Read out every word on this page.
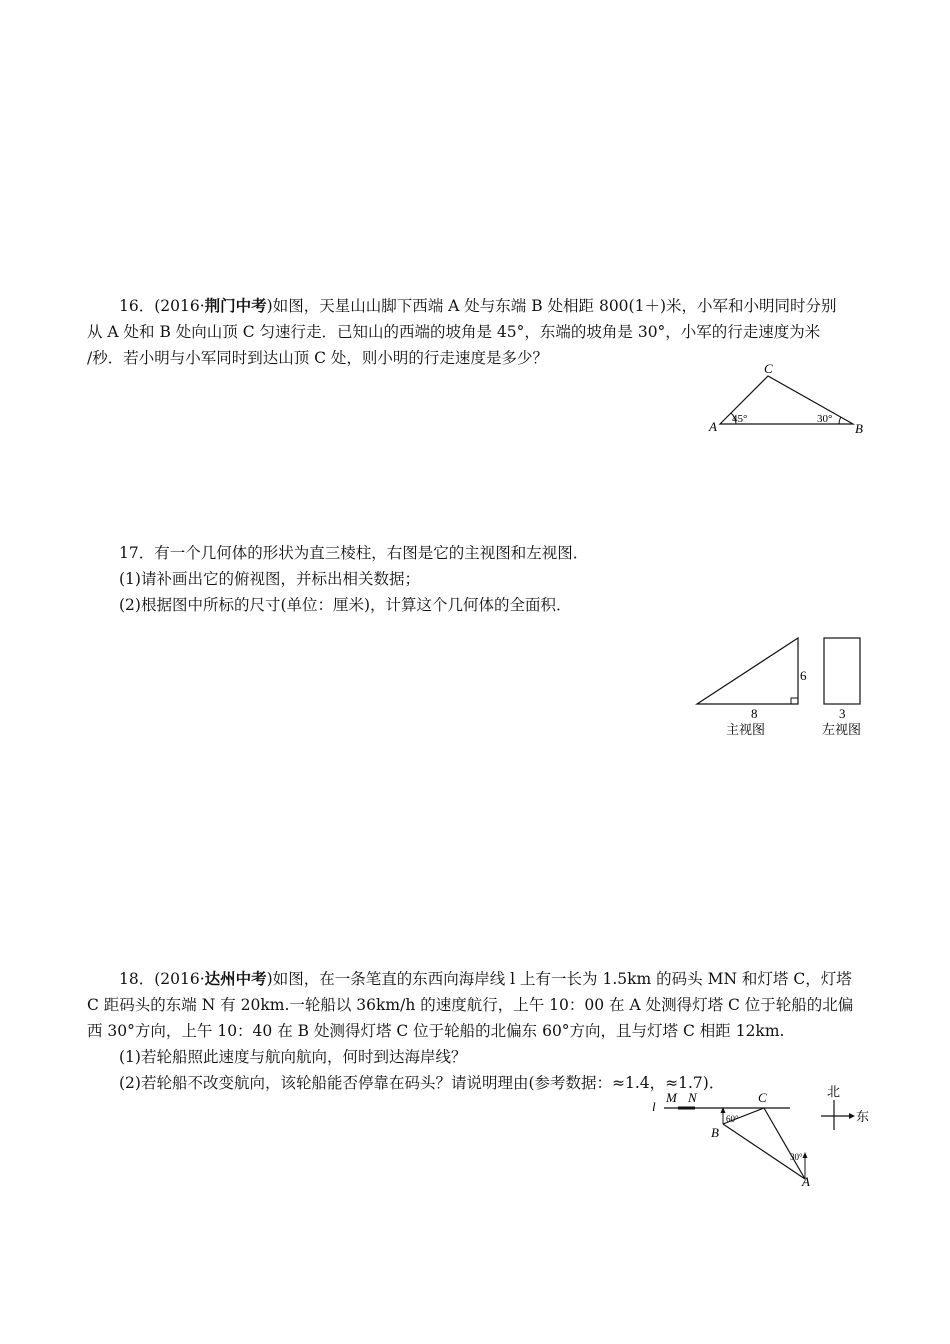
16．(2016·荆门中考)如图，天星山山脚下西端 A 处与东端 B 处相距 800(1＋)米，小军和小明同时分别

从 A 处和 B 处向山顶 C 匀速行走．已知山的西端的坡角是 45°，东端的坡角是 30°，小军的行走速度为米

/秒．若小明与小军同时到达山顶 C 处，则小明的行走速度是多少？

C
A	B
45°	30°

17．有一个几何体的形状为直三棱柱，右图是它的主视图和左视图．

(1)请补画出它的俯视图，并标出相关数据；

(2)根据图中所标的尺寸(单位：厘米)，计算这个几何体的全面积．

6
8	3
主视图	左视图

18．(2016·达州中考)如图，在一条笔直的东西向海岸线 l 上有一长为 1.5km 的码头 MN 和灯塔 C，灯塔

C 距码头的东端 N 有 20km.一轮船以 36km/h 的速度航行，上午 10：00 在 A 处测得灯塔 C 位于轮船的北偏

西 30°方向，上午 10：40 在 B 处测得灯塔 C 位于轮船的北偏东 60°方向，且与灯塔 C 相距 12km.

(1)若轮船照此速度与航向航向，何时到达海岸线？

(2)若轮船不改变航向，该轮船能否停靠在码头？请说明理由(参考数据：≈1.4，≈1.7)．

l
M N	C
B
A
60°
30°
北
东
